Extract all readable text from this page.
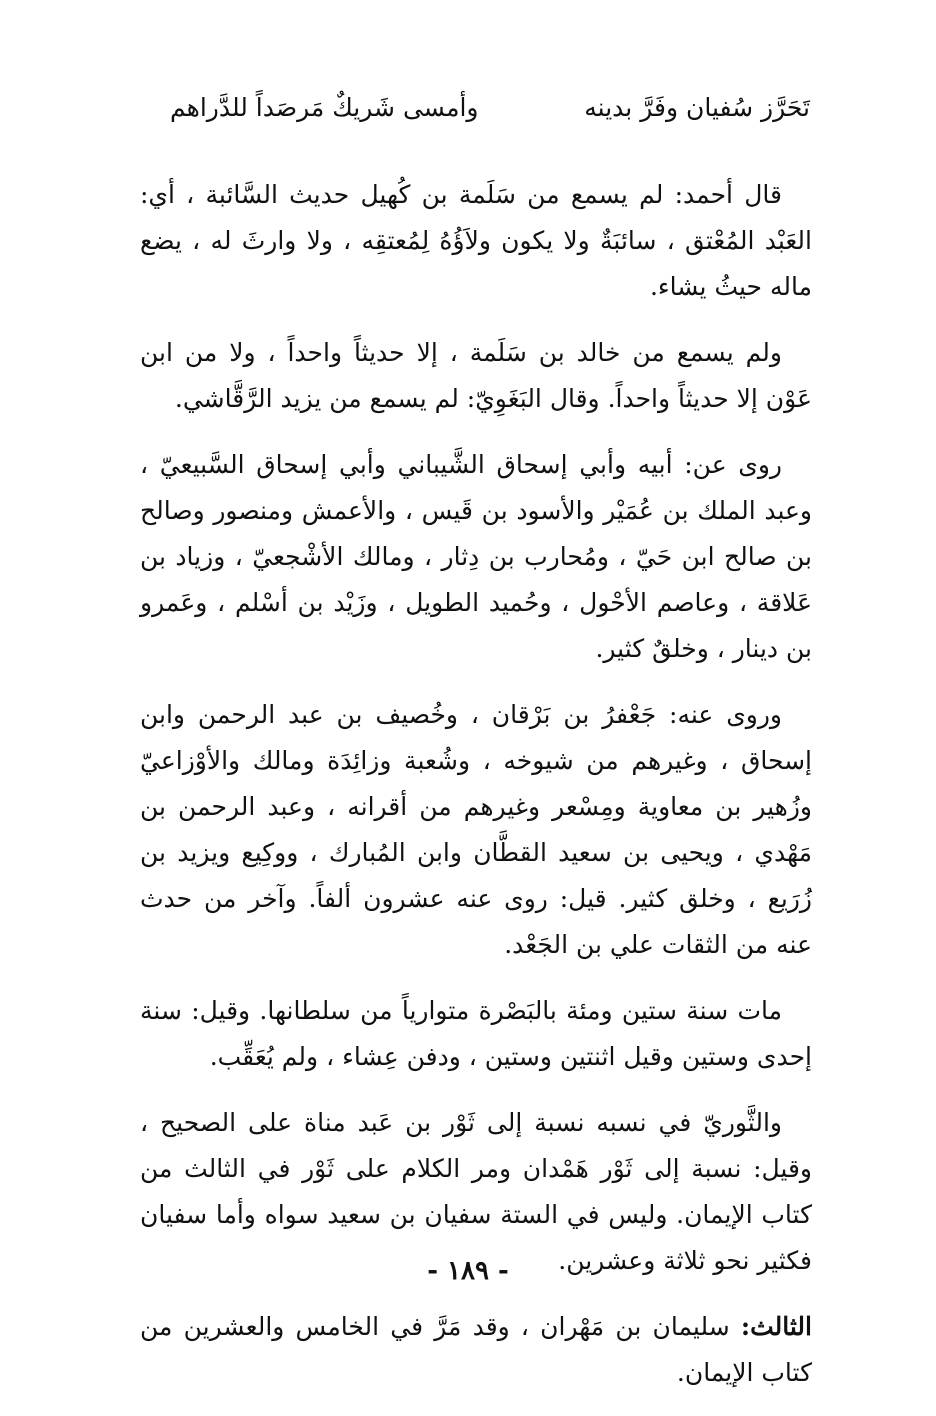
تَحَرَّز سُفيان وفَرَّ بدينه
وأمسى شَريكٌ مَرصَداً للدَّراهم

قال أحمد: لم يسمع من سَلَمة بن كُهيل حديث السَّائبة ، أي: العَبْد المُعْتق ، سائبَةٌ ولا يكون ولاَؤُهُ لِمُعتقِه ، ولا وارثَ له ، يضع ماله حيثُ يشاء.

ولم يسمع من خالد بن سَلَمة ، إلا حديثاً واحداً ، ولا من ابن عَوْن إلا حديثاً واحداً. وقال البَغَوِيّ: لم يسمع من يزيد الرَّقَّاشي.

روى عن: أبيه وأبي إسحاق الشَّيباني وأبي إسحاق السَّبيعيّ ، وعبد الملك بن عُمَيْر والأسود بن قَيس ، والأعمش ومنصور وصالح بن صالح ابن حَيّ ، ومُحارب بن دِثار ، ومالك الأشْجعيّ ، وزياد بن عَلاقة ، وعاصم الأحْول ، وحُميد الطويل ، وزَيْد بن أسْلم ، وعَمرو بن دينار ، وخلقٌ كثير.

وروى عنه: جَعْفرُ بن بَرْقان ، وخُصيف بن عبد الرحمن وابن إسحاق ، وغيرهم من شيوخه ، وشُعبة وزائِدَة ومالك والأوْزاعيّ وزُهير بن معاوية ومِسْعر وغيرهم من أقرانه ، وعبد الرحمن بن مَهْدي ، ويحيى بن سعيد القطَّان وابن المُبارك ، ووكِيع ويزيد بن زُرَيع ، وخلق كثير. قيل: روى عنه عشرون ألفاً. وآخر من حدث عنه من الثقات علي بن الجَعْد.

مات سنة ستين ومئة بالبَصْرة متوارياً من سلطانها. وقيل: سنة إحدى وستين وقيل اثنتين وستين ، ودفن عِشاء ، ولم يُعَقِّب.

والثَّوريّ في نسبه نسبة إلى ثَوْر بن عَبد مناة على الصحيح ، وقيل: نسبة إلى ثَوْر هَمْدان ومر الكلام على ثَوْر في الثالث من كتاب الإيمان. وليس في الستة سفيان بن سعيد سواه وأما سفيان فكثير نحو ثلاثة وعشرين.

الثالث: سليمان بن مَهْران ، وقد مَرَّ في الخامس والعشرين من كتاب الإيمان.

- ١٨٩ -
